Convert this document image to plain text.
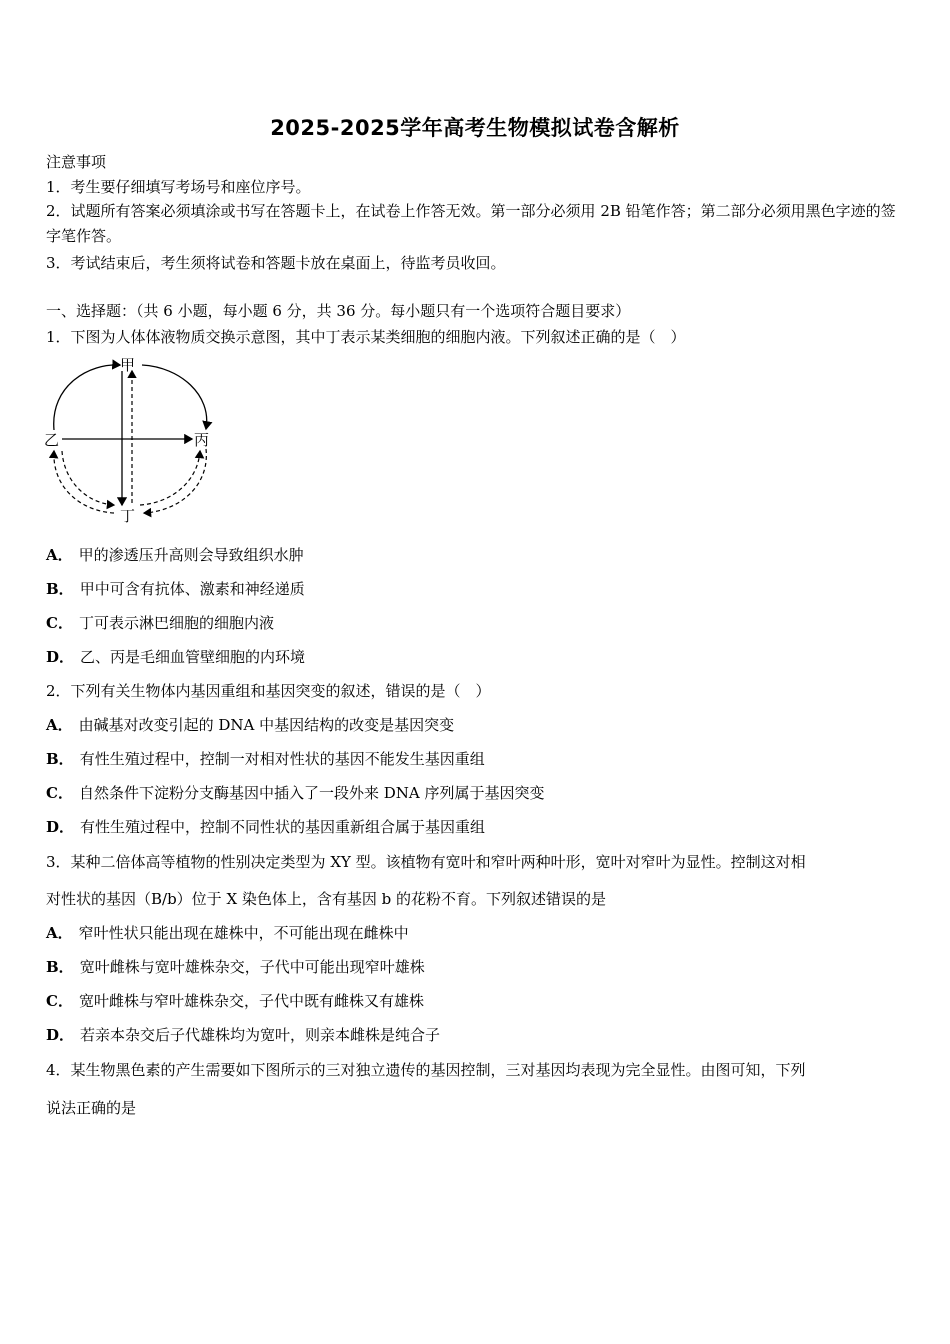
2025-2025学年高考生物模拟试卷含解析
注意事项
1．考生要仔细填写考场号和座位序号。
2．试题所有答案必须填涂或书写在答题卡上，在试卷上作答无效。第一部分必须用 2B 铅笔作答；第二部分必须用黑色字迹的签字笔作答。
3．考试结束后，考生须将试卷和答题卡放在桌面上，待监考员收回。
一、选择题：（共 6 小题，每小题 6 分，共 36 分。每小题只有一个选项符合题目要求）
1．下图为人体体液物质交换示意图，其中丁表示某类细胞的细胞内液。下列叙述正确的是（　）
甲
乙	丙
丁
A． 甲的渗透压升高则会导致组织水肿
B． 甲中可含有抗体、激素和神经递质
C． 丁可表示淋巴细胞的细胞内液
D． 乙、丙是毛细血管壁细胞的内环境
2．下列有关生物体内基因重组和基因突变的叙述，错误的是（　）
A． 由碱基对改变引起的 DNA 中基因结构的改变是基因突变
B． 有性生殖过程中，控制一对相对性状的基因不能发生基因重组
C． 自然条件下淀粉分支酶基因中插入了一段外来 DNA 序列属于基因突变
D． 有性生殖过程中，控制不同性状的基因重新组合属于基因重组
3．某种二倍体高等植物的性别决定类型为 XY 型。该植物有宽叶和窄叶两种叶形，宽叶对窄叶为显性。控制这对相
对性状的基因（B/b）位于 X 染色体上，含有基因 b 的花粉不育。下列叙述错误的是
A． 窄叶性状只能出现在雄株中，不可能出现在雌株中
B． 宽叶雌株与宽叶雄株杂交，子代中可能出现窄叶雄株
C． 宽叶雌株与窄叶雄株杂交，子代中既有雌株又有雄株
D． 若亲本杂交后子代雄株均为宽叶，则亲本雌株是纯合子
4．某生物黑色素的产生需要如下图所示的三对独立遗传的基因控制，三对基因均表现为完全显性。由图可知，下列
说法正确的是
